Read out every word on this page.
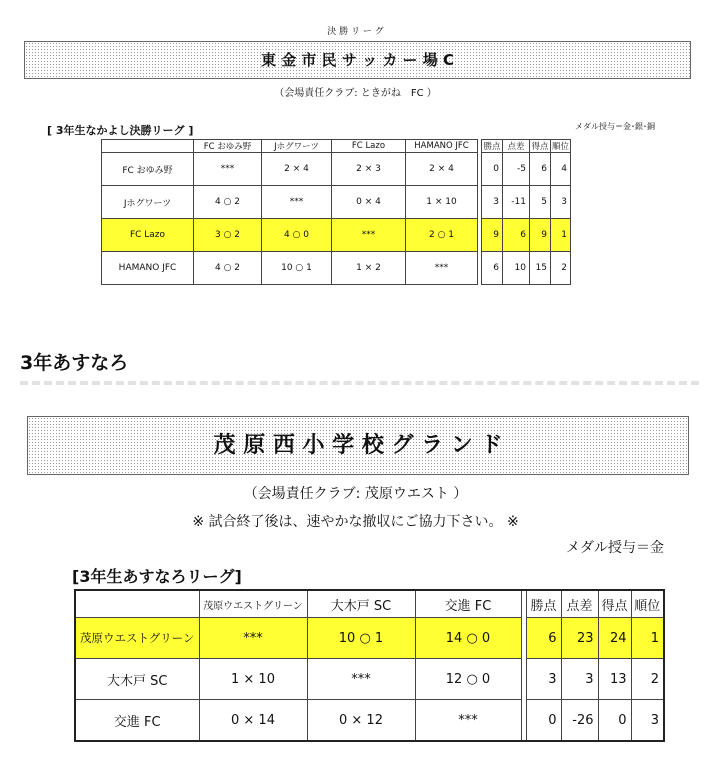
決 勝 リ ー グ
東 金 市 民 サ ッ カ ー 場 C
（会場責任クラブ: ときがね　FC ）
[ 3年生なかよし決勝リーグ ]	メダル授与＝金･銀･銅
	FC おゆみ野	Jホグワーツ	FC Lazo	HAMANO JFC		勝点	点差	得点	順位
FC おゆみ野	***	2 × 4	2 × 3	2 × 4		0	-5	6	4
Jホグワーツ	4 ○ 2	***	0 × 4	1 × 10		3	-11	5	3
FC Lazo	3 ○ 2	4 ○ 0	***	2 ○ 1		9	6	9	1
HAMANO JFC	4 ○ 2	10 ○ 1	1 × 2	***		6	10	15	2
3年あすなろ
茂 原 西 小 学 校 グ ラ ン ド
（会場責任クラブ: 茂原ウエスト ）
※ 試合終了後は、速やかな撤収にご協力下さい。 ※
メダル授与＝金
[3年生あすなろリーグ]
	茂原ウエストグリーン	大木戸 SC	交進 FC		勝点	点差	得点	順位
茂原ウエストグリーン	***	10 ○ 1	14 ○ 0		6	23	24	1
大木戸 SC	1 × 10	***	12 ○ 0		3	3	13	2
交進 FC	0 × 14	0 × 12	***		0	-26	0	3
